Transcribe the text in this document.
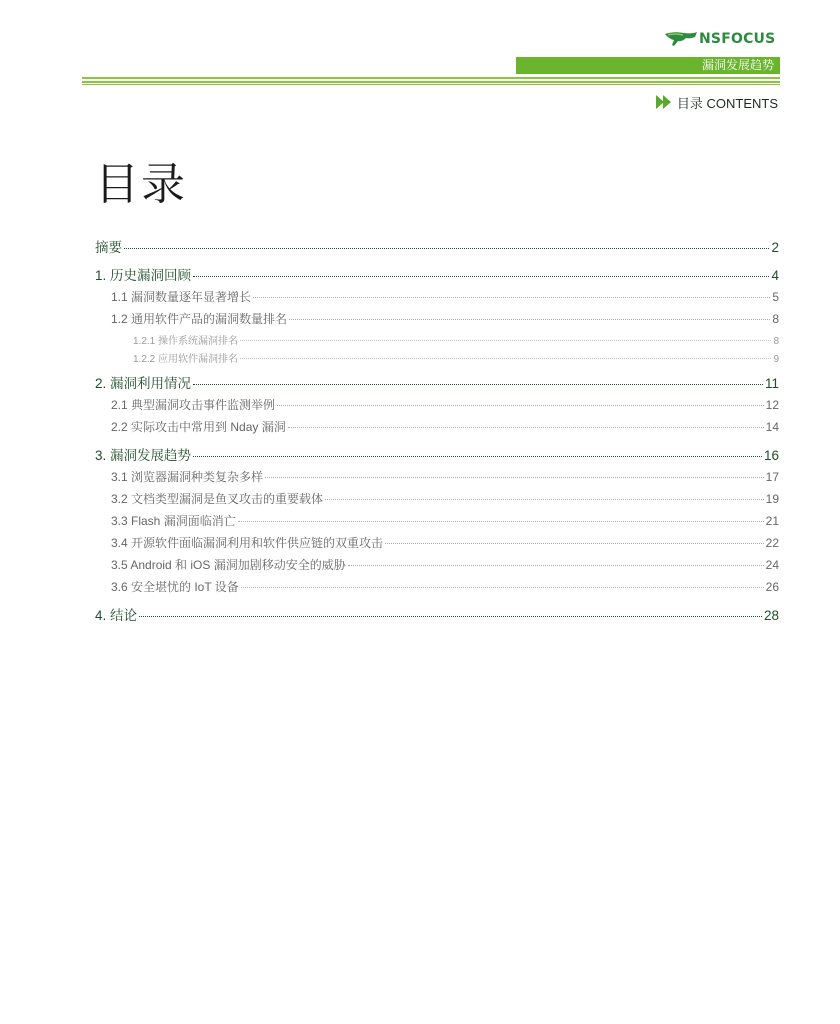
NSFOCUS
漏洞发展趋势
目录 CONTENTS
目录
摘要	2
1. 历史漏洞回顾	4
1.1 漏洞数量逐年显著增长	5
1.2 通用软件产品的漏洞数量排名	8
1.2.1 操作系统漏洞排名	8
1.2.2 应用软件漏洞排名	9
2. 漏洞利用情况	11
2.1 典型漏洞攻击事件监测举例	12
2.2 实际攻击中常用到 Nday 漏洞	14
3. 漏洞发展趋势	16
3.1 浏览器漏洞种类复杂多样	17
3.2 文档类型漏洞是鱼叉攻击的重要载体	19
3.3 Flash 漏洞面临消亡	21
3.4 开源软件面临漏洞利用和软件供应链的双重攻击	22
3.5 Android 和 iOS 漏洞加剧移动安全的威胁	24
3.6 安全堪忧的 IoT 设备	26
4. 结论	28
